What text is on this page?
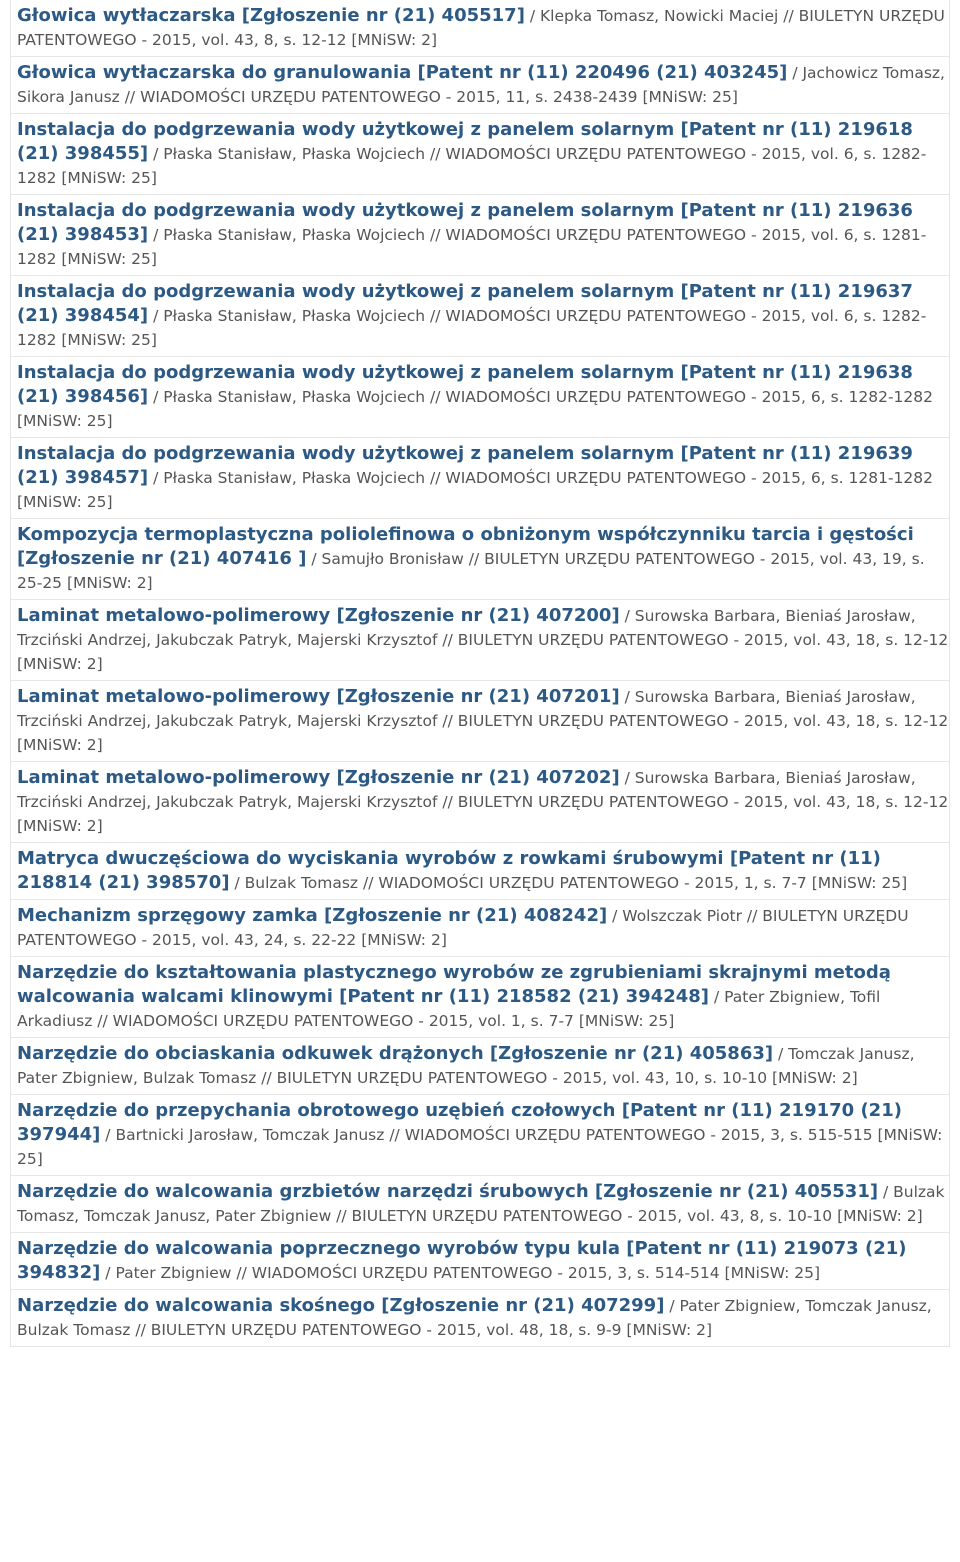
Głowica wytłaczarska [Zgłoszenie nr (21) 405517] / Klepka Tomasz, Nowicki Maciej // BIULETYN URZĘDU PATENTOWEGO - 2015, vol. 43, 8, s. 12-12 [MNiSW: 2]

Głowica wytłaczarska do granulowania [Patent nr (11) 220496 (21) 403245] / Jachowicz Tomasz, Sikora Janusz // WIADOMOŚCI URZĘDU PATENTOWEGO - 2015, 11, s. 2438-2439 [MNiSW: 25]

Instalacja do podgrzewania wody użytkowej z panelem solarnym [Patent nr (11) 219618 (21) 398455] / Płaska Stanisław, Płaska Wojciech // WIADOMOŚCI URZĘDU PATENTOWEGO - 2015, vol. 6, s. 1282-1282 [MNiSW: 25]

Instalacja do podgrzewania wody użytkowej z panelem solarnym [Patent nr (11) 219636 (21) 398453] / Płaska Stanisław, Płaska Wojciech // WIADOMOŚCI URZĘDU PATENTOWEGO - 2015, vol. 6, s. 1281-1282 [MNiSW: 25]

Instalacja do podgrzewania wody użytkowej z panelem solarnym [Patent nr (11) 219637 (21) 398454] / Płaska Stanisław, Płaska Wojciech // WIADOMOŚCI URZĘDU PATENTOWEGO - 2015, vol. 6, s. 1282-1282 [MNiSW: 25]

Instalacja do podgrzewania wody użytkowej z panelem solarnym [Patent nr (11) 219638 (21) 398456] / Płaska Stanisław, Płaska Wojciech // WIADOMOŚCI URZĘDU PATENTOWEGO - 2015, 6, s. 1282-1282 [MNiSW: 25]

Instalacja do podgrzewania wody użytkowej z panelem solarnym [Patent nr (11) 219639 (21) 398457] / Płaska Stanisław, Płaska Wojciech // WIADOMOŚCI URZĘDU PATENTOWEGO - 2015, 6, s. 1281-1282 [MNiSW: 25]

Kompozycja termoplastyczna poliolefinowa o obniżonym współczynniku tarcia i gęstości [Zgłoszenie nr (21) 407416 ] / Samujło Bronisław // BIULETYN URZĘDU PATENTOWEGO - 2015, vol. 43, 19, s. 25-25 [MNiSW: 2]

Laminat metalowo-polimerowy [Zgłoszenie nr (21) 407200] / Surowska Barbara, Bieniaś Jarosław, Trzciński Andrzej, Jakubczak Patryk, Majerski Krzysztof // BIULETYN URZĘDU PATENTOWEGO - 2015, vol. 43, 18, s. 12-12 [MNiSW: 2]

Laminat metalowo-polimerowy [Zgłoszenie nr (21) 407201] / Surowska Barbara, Bieniaś Jarosław, Trzciński Andrzej, Jakubczak Patryk, Majerski Krzysztof // BIULETYN URZĘDU PATENTOWEGO - 2015, vol. 43, 18, s. 12-12 [MNiSW: 2]

Laminat metalowo-polimerowy [Zgłoszenie nr (21) 407202] / Surowska Barbara, Bieniaś Jarosław, Trzciński Andrzej, Jakubczak Patryk, Majerski Krzysztof // BIULETYN URZĘDU PATENTOWEGO - 2015, vol. 43, 18, s. 12-12 [MNiSW: 2]

Matryca dwuczęściowa do wyciskania wyrobów z rowkami śrubowymi [Patent nr (11) 218814 (21) 398570] / Bulzak Tomasz // WIADOMOŚCI URZĘDU PATENTOWEGO - 2015, 1, s. 7-7 [MNiSW: 25]

Mechanizm sprzęgowy zamka [Zgłoszenie nr (21) 408242] / Wolszczak Piotr // BIULETYN URZĘDU PATENTOWEGO - 2015, vol. 43, 24, s. 22-22 [MNiSW: 2]

Narzędzie do kształtowania plastycznego wyrobów ze zgrubieniami skrajnymi metodą walcowania walcami klinowymi [Patent nr (11) 218582 (21) 394248] / Pater Zbigniew, Tofil Arkadiusz // WIADOMOŚCI URZĘDU PATENTOWEGO - 2015, vol. 1, s. 7-7 [MNiSW: 25]

Narzędzie do obciaskania odkuwek drążonych [Zgłoszenie nr (21) 405863] / Tomczak Janusz, Pater Zbigniew, Bulzak Tomasz // BIULETYN URZĘDU PATENTOWEGO - 2015, vol. 43, 10, s. 10-10 [MNiSW: 2]

Narzędzie do przepychania obrotowego uzębień czołowych [Patent nr (11) 219170 (21) 397944] / Bartnicki Jarosław, Tomczak Janusz // WIADOMOŚCI URZĘDU PATENTOWEGO - 2015, 3, s. 515-515 [MNiSW: 25]

Narzędzie do walcowania grzbietów narzędzi śrubowych [Zgłoszenie nr (21) 405531] / Bulzak Tomasz, Tomczak Janusz, Pater Zbigniew // BIULETYN URZĘDU PATENTOWEGO - 2015, vol. 43, 8, s. 10-10 [MNiSW: 2]

Narzędzie do walcowania poprzecznego wyrobów typu kula [Patent nr (11) 219073 (21) 394832] / Pater Zbigniew // WIADOMOŚCI URZĘDU PATENTOWEGO - 2015, 3, s. 514-514 [MNiSW: 25]

Narzędzie do walcowania skośnego [Zgłoszenie nr (21) 407299] / Pater Zbigniew, Tomczak Janusz, Bulzak Tomasz // BIULETYN URZĘDU PATENTOWEGO - 2015, vol. 48, 18, s. 9-9 [MNiSW: 2]
